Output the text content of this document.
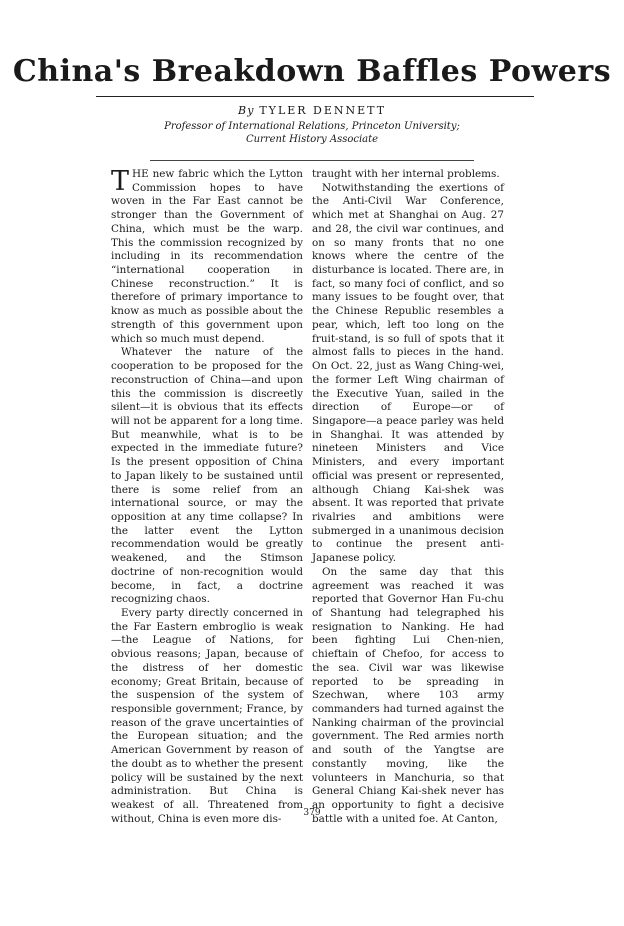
China's Breakdown Baffles Powers
By TYLER DENNETT
Professor of International Relations, Princeton University;
Current History Associate

THE new fabric which the Lytton Commission hopes to have woven in the Far East cannot be stronger than the Government of China, which must be the warp. This the commission recognized by including in its recommendation “international cooperation in Chinese reconstruction.” It is therefore of primary importance to know as much as possible about the strength of this government upon which so much must depend.

Whatever the nature of the cooperation to be proposed for the reconstruction of China—and upon this the commission is discreetly silent—it is obvious that its effects will not be apparent for a long time. But meanwhile, what is to be expected in the immediate future? Is the present opposition of China to Japan likely to be sustained until there is some relief from an international source, or may the opposition at any time collapse? In the latter event the Lytton recommendation would be greatly weakened, and the Stimson doctrine of non-recognition would become, in fact, a doctrine recognizing chaos.

Every party directly concerned in the Far Eastern embroglio is weak—the League of Nations, for obvious reasons; Japan, because of the distress of her domestic economy; Great Britain, because of the suspension of the system of responsible government; France, by reason of the grave uncertainties of the European situation; and the American Government by reason of the doubt as to whether the present policy will be sustained by the next administration. But China is weakest of all. Threatened from without, China is even more dis-

traught with her internal problems.

Notwithstanding the exertions of the Anti-Civil War Conference, which met at Shanghai on Aug. 27 and 28, the civil war continues, and on so many fronts that no one knows where the centre of the disturbance is located. There are, in fact, so many foci of conflict, and so many issues to be fought over, that the Chinese Republic resembles a pear, which, left too long on the fruit-stand, is so full of spots that it almost falls to pieces in the hand. On Oct. 22, just as Wang Ching-wei, the former Left Wing chairman of the Executive Yuan, sailed in the direction of Europe—or of Singapore—a peace parley was held in Shanghai. It was attended by nineteen Ministers and Vice Ministers, and every important official was present or represented, although Chiang Kai-shek was absent. It was reported that private rivalries and ambitions were submerged in a unanimous decision to continue the present anti-Japanese policy.

On the same day that this agreement was reached it was reported that Governor Han Fu-chu of Shantung had telegraphed his resignation to Nanking. He had been fighting Lui Chen-nien, chieftain of Chefoo, for access to the sea. Civil war was likewise reported to be spreading in Szechwan, where 103 army commanders had turned against the Nanking chairman of the provincial government. The Red armies north and south of the Yangtse are constantly moving, like the volunteers in Manchuria, so that General Chiang Kai-shek never has an opportunity to fight a decisive battle with a united foe. At Canton,

379
